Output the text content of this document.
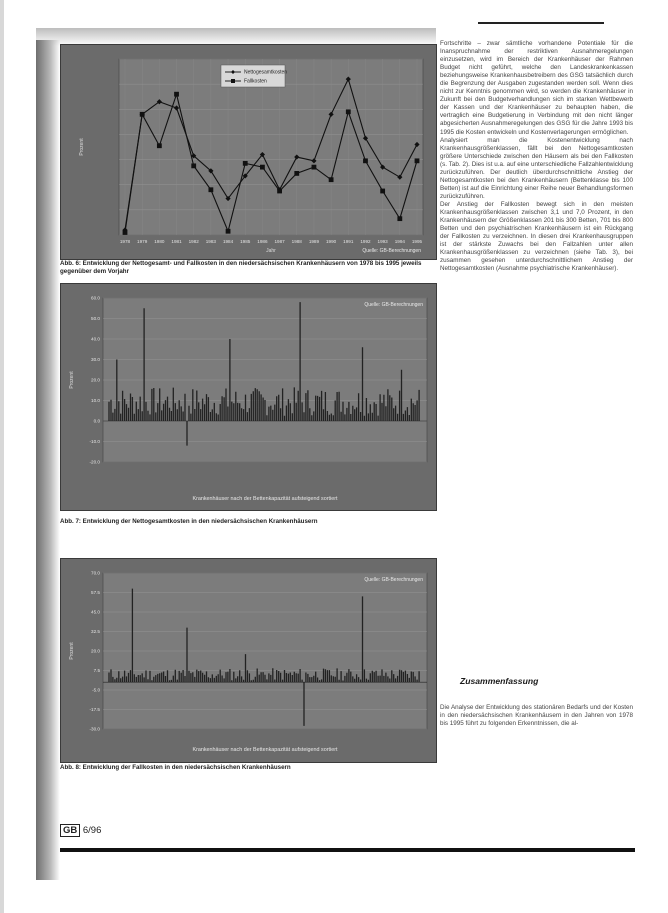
1978 1979 1980 1981 1982 1983 1984 1985 1986 1987 1988 1989 1990 1991 1992 1993 1994 1995
Prozent
Jahr	Quelle: GB-Berechnungen
Nettogesamtkosten
Fallkosten
Abb. 6: Entwicklung der Nettogesamt- und Fallkosten in den niedersächsischen Krankenhäusern von 1978 bis 1995 jeweils gegenüber dem Vorjahr
-20.0
-10.0
0.0
10.0
20.0
30.0
40.0
50.0
60.0
Prozent
Quelle: GB-Berechnungen
Krankenhäuser nach der Bettenkapazität aufsteigend sortiert
Abb. 7: Entwicklung der Nettogesamtkosten in den niedersächsischen Krankenhäusern
-30.0
-17.5
-5.0
7.5
20.0
32.5
45.0
57.5
70.0
Prozent
Quelle: GB-Berechnungen
Krankenhäuser nach der Bettenkapazität aufsteigend sortiert
Abb. 8: Entwicklung der Fallkosten in den niedersächsischen Krankenhäusern

Fortschritte – zwar sämtliche vorhandene Potentiale für die Inanspruchnahme der restriktiven Ausnahmeregelungen einzusetzen, wird im Bereich der Krankenhäuser der Rahmen Budget nicht geführt, welche den Landeskrankenkassen beziehungsweise Krankenhausbetreibern des GSG tatsächlich durch die Begrenzung der Ausgaben zugestanden werden soll. Wenn dies nicht zur Kenntnis genommen wird, so werden die Krankenhäuser in Zukunft bei den Budgetverhandlungen sich im starken Wettbewerb der Kassen und der Krankenhäuser zu behaupten haben, die vertraglich eine Budgetierung in Verbindung mit den nicht länger abgesicherten Ausnahmeregelungen des GSG für die Jahre 1993 bis 1995 die Kosten entwickeln und Kostenverlagerungen ermöglichen.

Analysiert man die Kostenentwicklung nach Krankenhausgrößenklassen, fällt bei den Nettogesamtkosten größere Unterschiede zwischen den Häusern als bei den Fallkosten (s. Tab. 2). Dies ist u.a. auf eine unterschiedliche Fallzahlentwicklung zurückzuführen. Der deutlich überdurchschnittliche Anstieg der Nettogesamtkosten bei den Krankenhäusern (Bettenklasse bis 100 Betten) ist auf die Einrichtung einer Reihe neuer Behandlungsformen zurückzuführen.

Der Anstieg der Fallkosten bewegt sich in den meisten Krankenhausgrößenklassen zwischen 3,1 und 7,0 Prozent, in den Krankenhäusern der Größenklassen 201 bis 300 Betten, 701 bis 800 Betten und den psychiatrischen Krankenhäusern ist ein Rückgang der Fallkosten zu verzeichnen. In diesen drei Krankenhausgruppen ist der stärkste Zuwachs bei den Fallzahlen unter allen Krankenhausgrößenklassen zu verzeichnen (siehe Tab. 3), bei zusammen gesehen unterdurchschnittlichem Anstieg der Nettogesamtkosten (Ausnahme psychiatrische Krankenhäuser).

Zusammenfassung

Die Analyse der Entwicklung des stationären Bedarfs und der Kosten in den niedersächsischen Krankenhäusern in den Jahren von 1978 bis 1995 führt zu folgenden Erkenntnissen, die al-

GB 6/96
